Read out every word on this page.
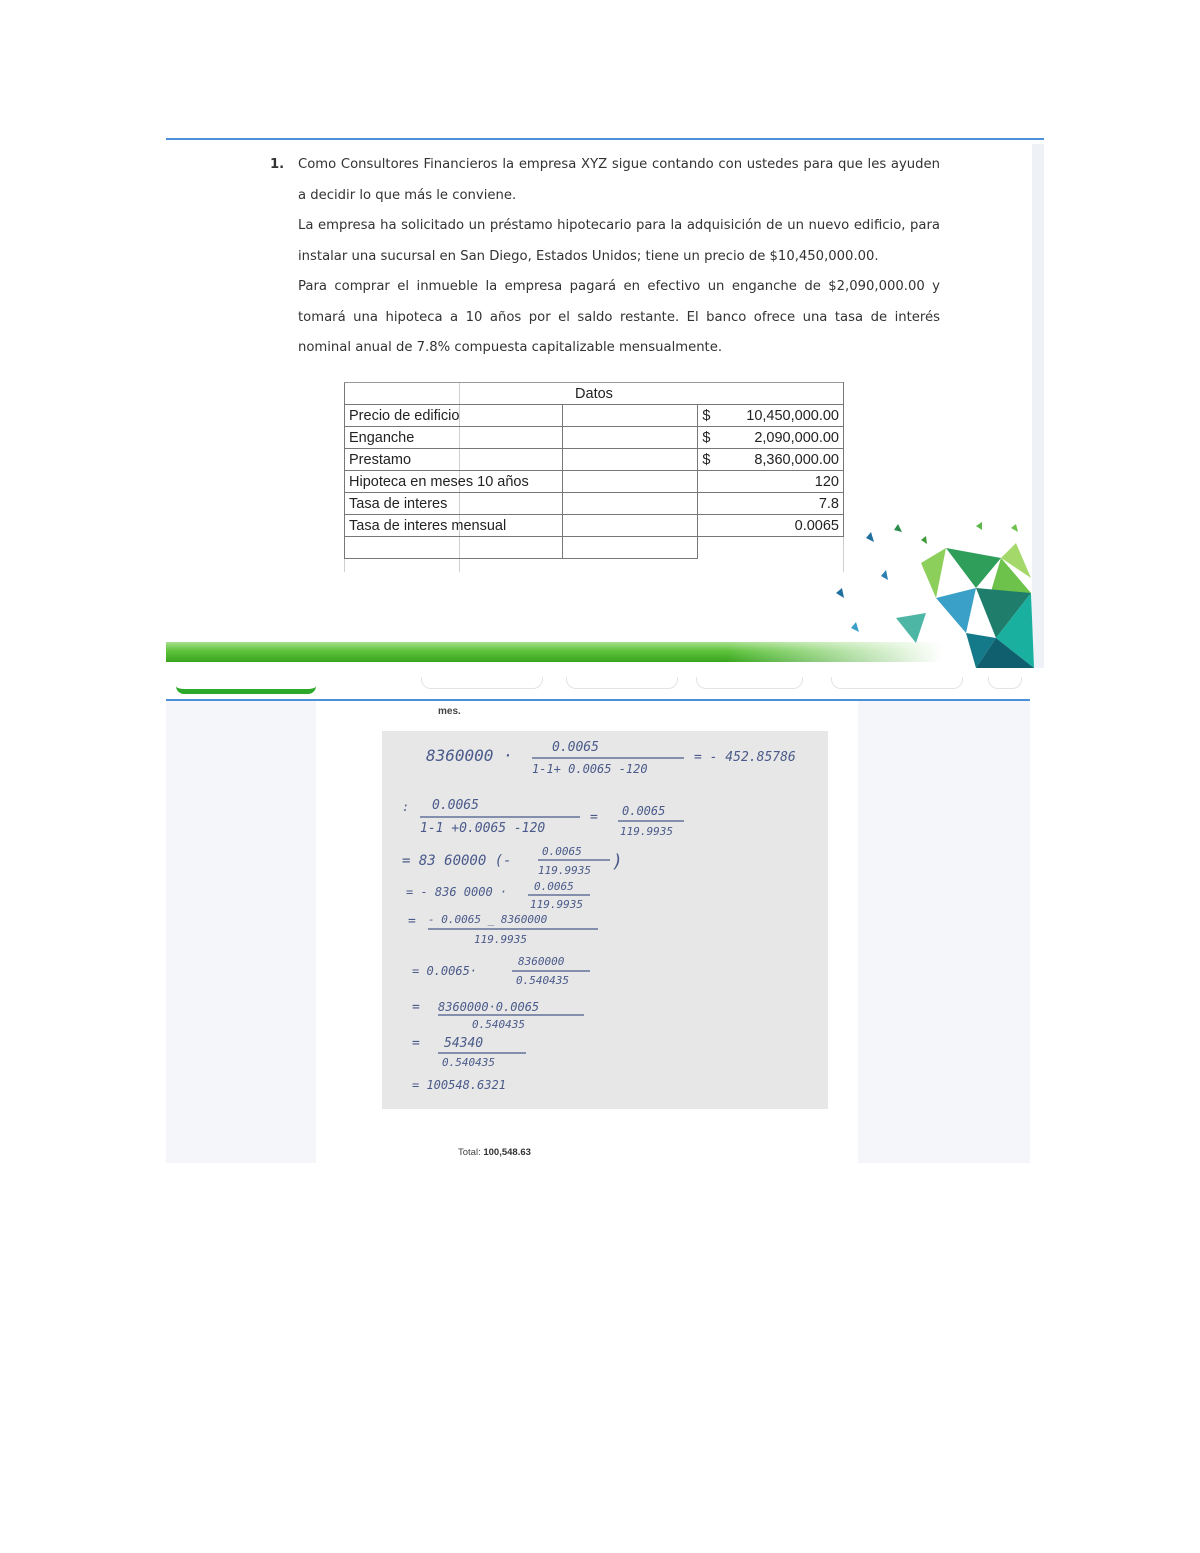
1. Como Consultores Financieros la empresa XYZ sigue contando con ustedes para que les ayuden a decidir lo que más le conviene.

La empresa ha solicitado un préstamo hipotecario para la adquisición de un nuevo edificio, para instalar una sucursal en San Diego, Estados Unidos; tiene un precio de $10,450,000.00.

Para comprar el inmueble la empresa pagará en efectivo un enganche de $2,090,000.00 y tomará una hipoteca a 10 años por el saldo restante. El banco ofrece una tasa de interés nominal anual de 7.8% compuesta capitalizable mensualmente.

Datos		
Precio de edificio		$ 10,450,000.00

Enganche		$ 2,090,000.00

Prestamo		$ 8,360,000.00

Hipoteca en meses 10 años		120
Tasa de interes		7.8
Tasa de interes mensual		0.0065

mes.
8360000 ·	0.0065
1-1+ 0.0065 -120
= - 452.85786
: 0.0065
1-1 +0.0065 -120
= 0.0065
119.9935
= 83 60000 (-
0.0065
119.9935 )
= - 836 0000 · 0.0065
119.9935
= - 0.0065 _ 8360000
119.9935
= 0.0065·
8360000
0.540435
= 8360000·0.0065
0.540435
= 54340
0.540435
= 100548.6321
Total: 100,548.63
